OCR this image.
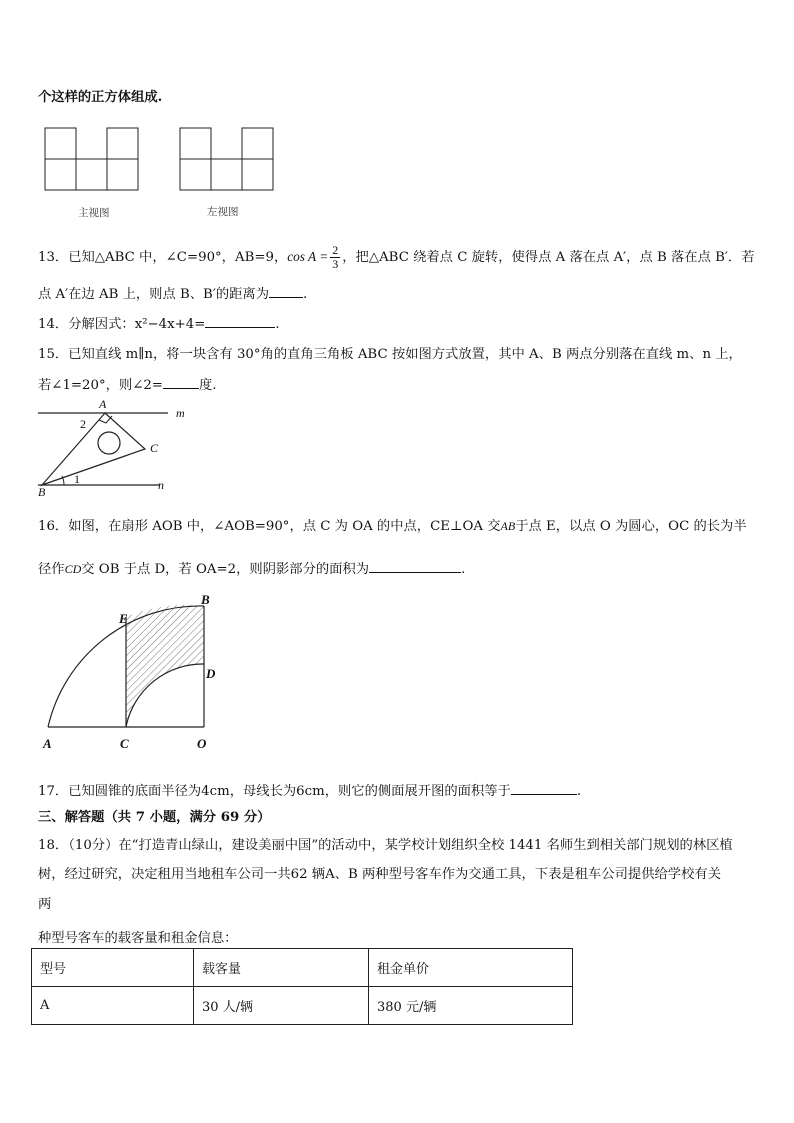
个这样的正方体组成.
主视图	左视图
13．已知△ABC 中，∠C=90°，AB=9，$\cos A = \frac{2}{3}$ ，把△ABC 绕着点 C 旋转，使得点 A 落在点 A′，点 B 落在点 B′．若
点 A′在边 AB 上，则点 B、B′的距离为	.
14．分解因式：x²−4x+4=	.
15．已知直线 m∥n，将一块含有 30°角的直角三角板 ABC 按如图方式放置，其中 A、B 两点分别落在直线 m、n 上，
若∠1=20°，则∠2=	度.
A
B
C
m
n
1
2
16．如图，在扇形 AOB 中，∠AOB=90°，点 C 为 OA 的中点，CE⊥OA 交AB于点 E，以点 O 为圆心，OC 的长为半
径作CD交 OB 于点 D，若 OA=2，则阴影部分的面积为	.
E
B
D
A	C	O
17．已知圆锥的底面半径为4cm，母线长为6cm，则它的侧面展开图的面积等于	.
三、解答题（共 7 小题，满分 69 分）
18．（10分）在“打造青山绿山，建设美丽中国”的活动中，某学校计划组织全校 1441 名师生到相关部门规划的林区植
树，经过研究，决定租用当地租车公司一共62 辆A、B 两种型号客车作为交通工具，下表是租车公司提供给学校有关
两
种型号客车的载客量和租金信息：
型号	载客量	租金单价
A	30 人/辆	380 元/辆
